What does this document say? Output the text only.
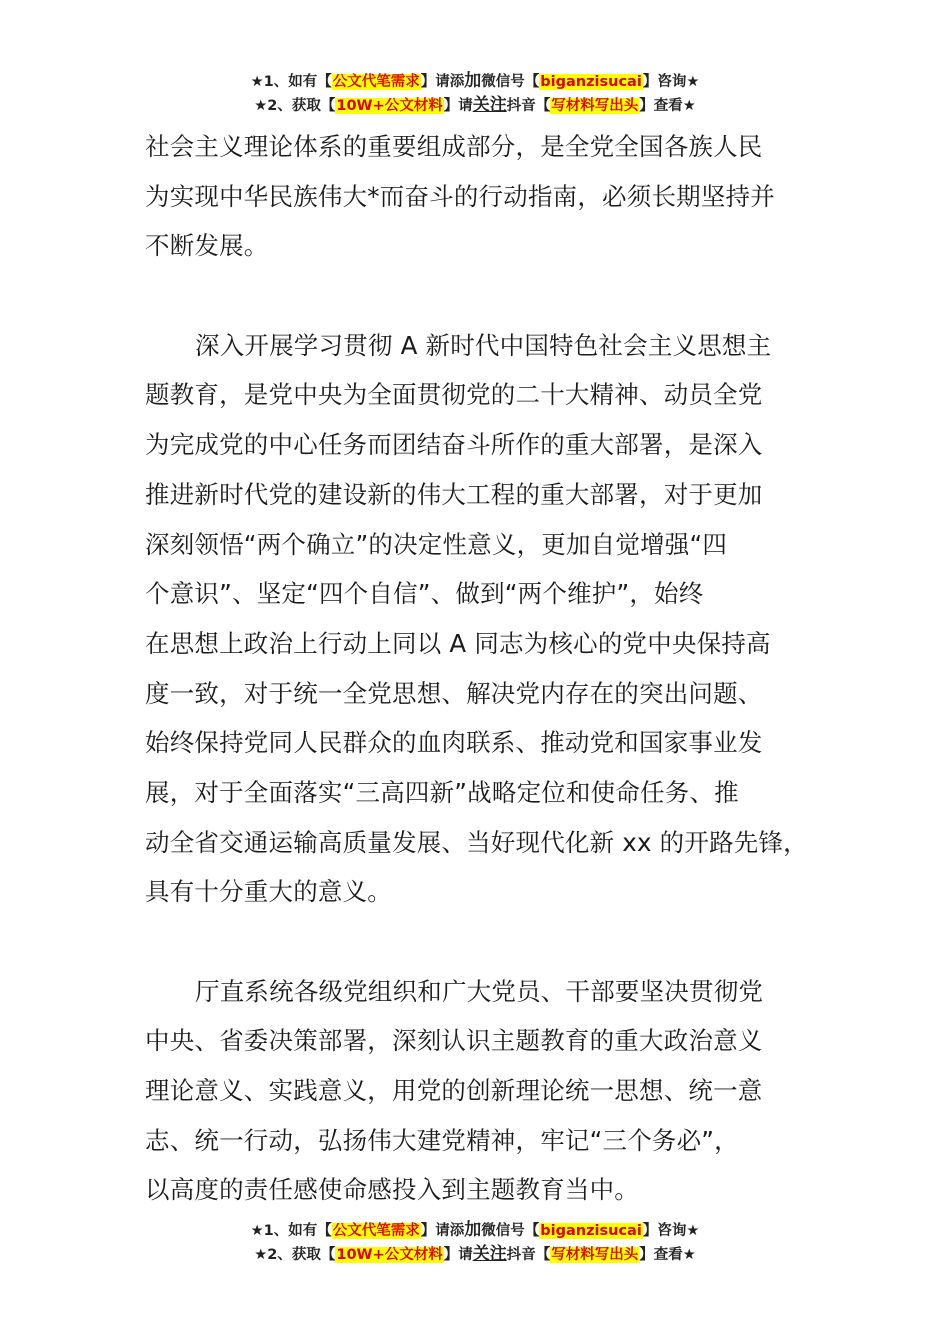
★1、如有【公文代笔需求】请添加微信号【biganzisucai】咨询★
★2、获取【10W+公文材料】请关注抖音【写材料写出头】查看★
社会主义理论体系的重要组成部分，是全党全国各族人民
为实现中华民族伟大*而奋斗的行动指南，必须长期坚持并
不断发展。
深入开展学习贯彻 A 新时代中国特色社会主义思想主
题教育，是党中央为全面贯彻党的二十大精神、动员全党
为完成党的中心任务而团结奋斗所作的重大部署，是深入
推进新时代党的建设新的伟大工程的重大部署，对于更加
深刻领悟“两个确立”的决定性意义，更加自觉增强“四
个意识”、坚定“四个自信”、做到“两个维护”，始终
在思想上政治上行动上同以 A 同志为核心的党中央保持高
度一致，对于统一全党思想、解决党内存在的突出问题、
始终保持党同人民群众的血肉联系、推动党和国家事业发
展，对于全面落实“三高四新”战略定位和使命任务、推
动全省交通运输高质量发展、当好现代化新 xx 的开路先锋，
具有十分重大的意义。
厅直系统各级党组织和广大党员、干部要坚决贯彻党
中央、省委决策部署，深刻认识主题教育的重大政治意义
理论意义、实践意义，用党的创新理论统一思想、统一意
志、统一行动，弘扬伟大建党精神，牢记“三个务必”，
以高度的责任感使命感投入到主题教育当中。
★1、如有【公文代笔需求】请添加微信号【biganzisucai】咨询★
★2、获取【10W+公文材料】请关注抖音【写材料写出头】查看★
